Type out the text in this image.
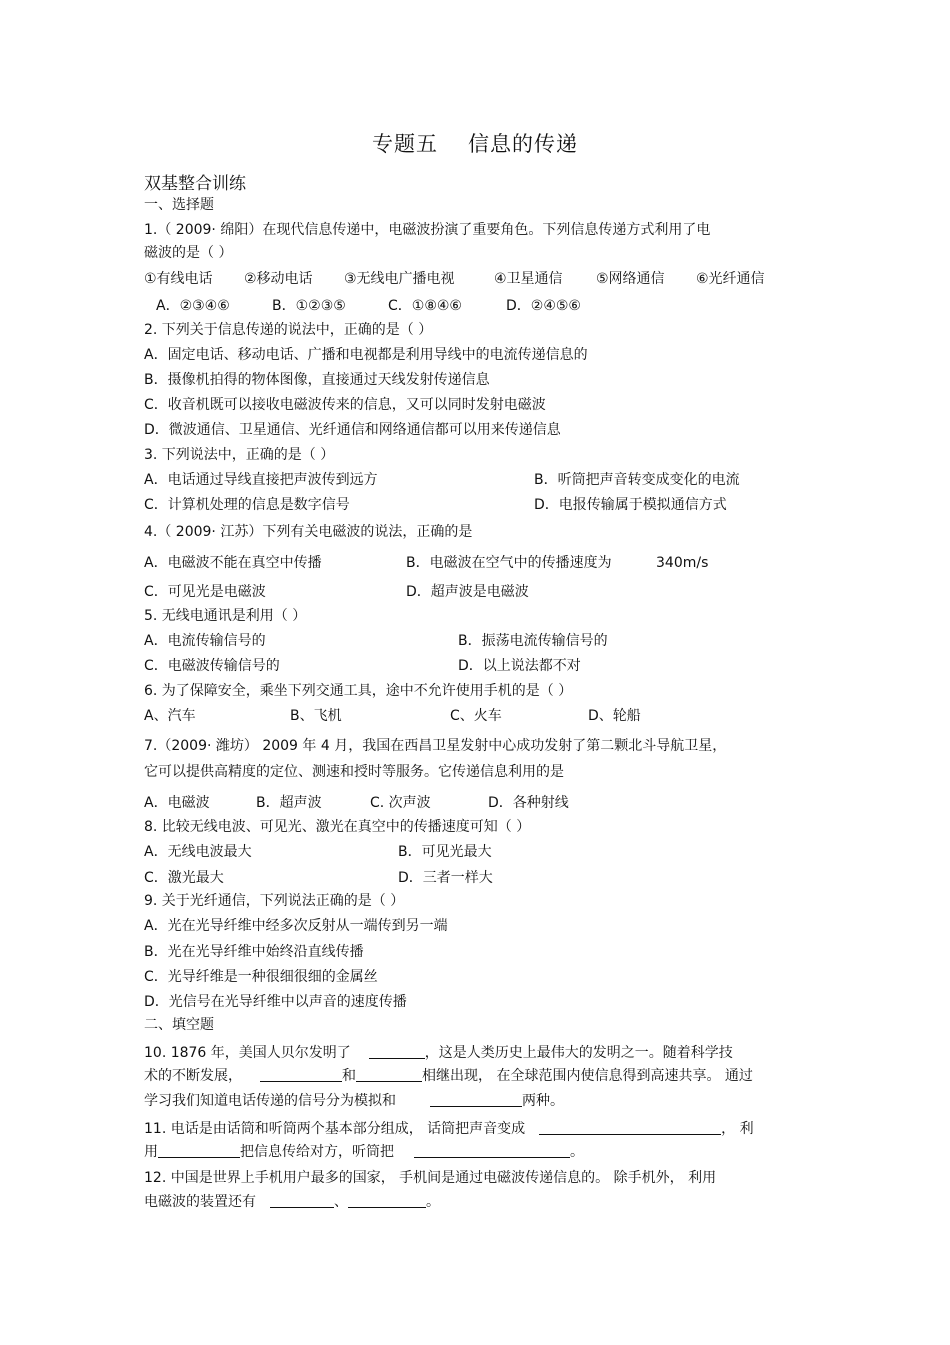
专题五 信息的传递
双基整合训练
一、选择题
1.（ 2009· 绵阳）在现代信息传递中，电磁波扮演了重要角色。下列信息传递方式利用了电
磁波的是（ ）
①有线电话 ②移动电话 ③无线电广播电视	④卫星通信 ⑤网络通信 ⑥光纤通信
A．②③④⑥	B．①②③⑤	C．①⑧④⑥	D．②④⑤⑥
2. 下列关于信息传递的说法中，正确的是（ ）
A．固定电话、移动电话、广播和电视都是利用导线中的电流传递信息的
B．摄像机拍得的物体图像，直接通过天线发射传递信息
C．收音机既可以接收电磁波传来的信息，又可以同时发射电磁波
D．微波通信、卫星通信、光纤通信和网络通信都可以用来传递信息
3. 下列说法中，正确的是（ ）
A．电话通过导线直接把声波传到远方	B．听筒把声音转变成变化的电流
C．计算机处理的信息是数字信号	D．电报传输属于模拟通信方式
4.（ 2009· 江苏）下列有关电磁波的说法，正确的是
A．电磁波不能在真空中传播	B．电磁波在空气中的传播速度为	340m/s
C．可见光是电磁波	D．超声波是电磁波
5. 无线电通讯是利用（ ）
A．电流传输信号的	B．振荡电流传输信号的
C．电磁波传输信号的	D．以上说法都不对
6. 为了保障安全，乘坐下列交通工具，途中不允许使用手机的是（ ）
A、汽车	B、飞机	C、火车	D、轮船
7.（2009· 潍坊） 2009 年 4 月，我国在西昌卫星发射中心成功发射了第二颗北斗导航卫星，
它可以提供高精度的定位、测速和授时等服务。它传递信息利用的是
A．电磁波	B．超声波	C. 次声波	D．各种射线
8. 比较无线电波、可见光、激光在真空中的传播速度可知（ ）
A．无线电波最大	B．可见光最大
C．激光最大	D．三者一样大
9. 关于光纤通信，下列说法正确的是（ ）
A．光在光导纤维中经多次反射从一端传到另一端
B．光在光导纤维中始终沿直线传播
C．光导纤维是一种很细很细的金属丝
D．光信号在光导纤维中以声音的速度传播
二、填空题
10. 1876 年，美国人贝尔发明了	，这是人类历史上最伟大的发明之一。随着科学技
术的不断发展，	和	相继出现， 在全球范围内使信息得到高速共享。 通过
学习我们知道电话传递的信号分为模拟和	两种。
11. 电话是由话筒和听筒两个基本部分组成， 话筒把声音变成	， 利
用	把信息传给对方，听筒把	。
12. 中国是世界上手机用户最多的国家， 手机间是通过电磁波传递信息的。 除手机外， 利用
电磁波的装置还有	、	。
